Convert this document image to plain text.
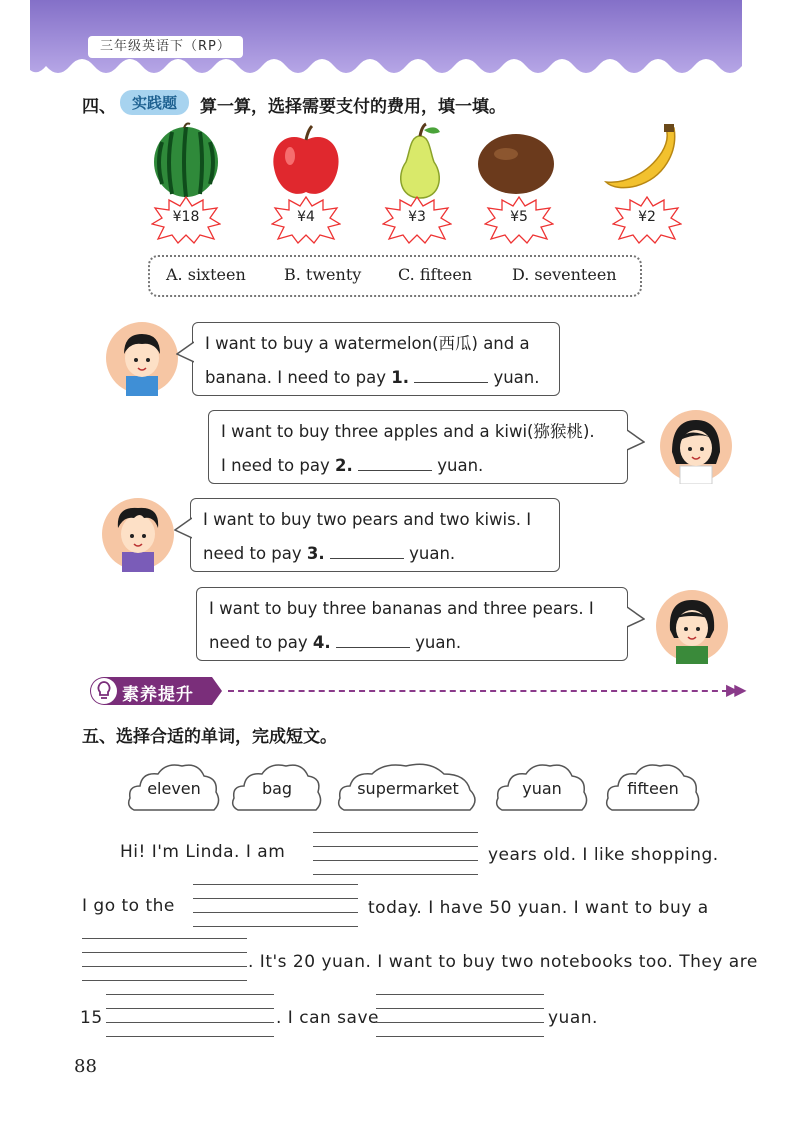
三年级英语下（RP）
四、	实践题	算一算，选择需要支付的费用，填一填。
¥18	¥4	¥3	¥5	¥2
A. sixteen B. twenty C. fifteen D. seventeen
I want to buy a watermelon(西瓜) and a
banana. I need to pay 1.	yuan.
I want to buy three apples and a kiwi(猕猴桃).
I need to pay 2.	yuan.
I want to buy two pears and two kiwis. I
need to pay 3.	yuan.
I want to buy three bananas and three pears. I
need to pay 4.	yuan.
素养提升	▶▶
五、选择合适的单词，完成短文。
eleven	bag	supermarket	yuan	fifteen
Hi! I'm Linda. I am	years old. I like shopping.
I go to the	today. I have 50 yuan. I want to buy a
. It's 20 yuan. I want to buy two notebooks too. They are
15	. I can save	yuan.
88
